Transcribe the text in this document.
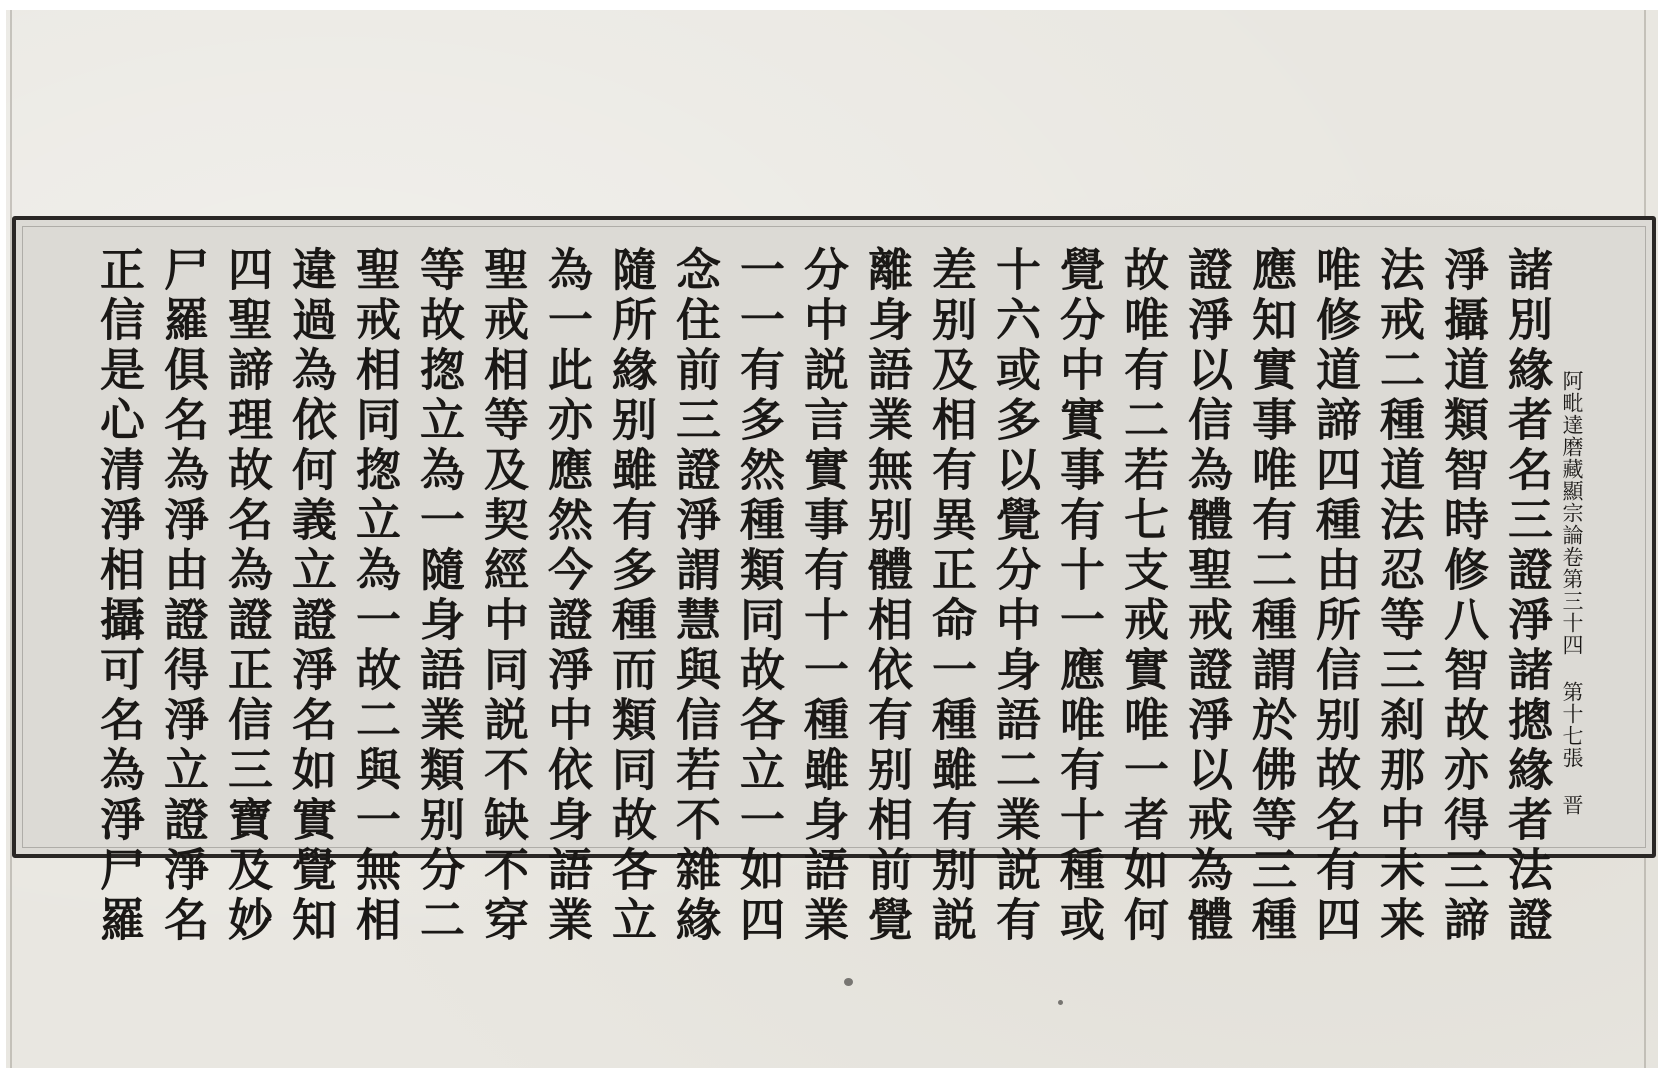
阿毗達磨藏顯宗論卷第三十四 第十七張 晋
諸別緣者名三證淨諸摠緣者法證
淨攝道類智時修八智故亦得三諦
法戒二種道法忍等三刹那中未来
唯修道諦四種由所信别故名有四
應知實事唯有二種謂於佛等三種
證淨以信為體聖戒證淨以戒為體
故唯有二若七支戒實唯一者如何
覺分中實事有十一應唯有十種或
十六或多以覺分中身語二業説有
差别及相有異正命一種雖有别説
離身語業無别體相依有别相前覺
分中説言實事有十一種雖身語業
一一有多然種類同故各立一如四
念住前三證淨謂慧與信若不雜緣
隨所緣别雖有多種而類同故各立
為一此亦應然今證淨中依身語業
聖戒相等及契經中同説不缺不穿
等故揔立為一隨身語業類别分二
聖戒相同揔立為一故二與一無相
違過為依何義立證淨名如實覺知
四聖諦理故名為證正信三寶及妙
尸羅俱名為淨由證得淨立證淨名
正信是心清淨相攝可名為淨尸羅
